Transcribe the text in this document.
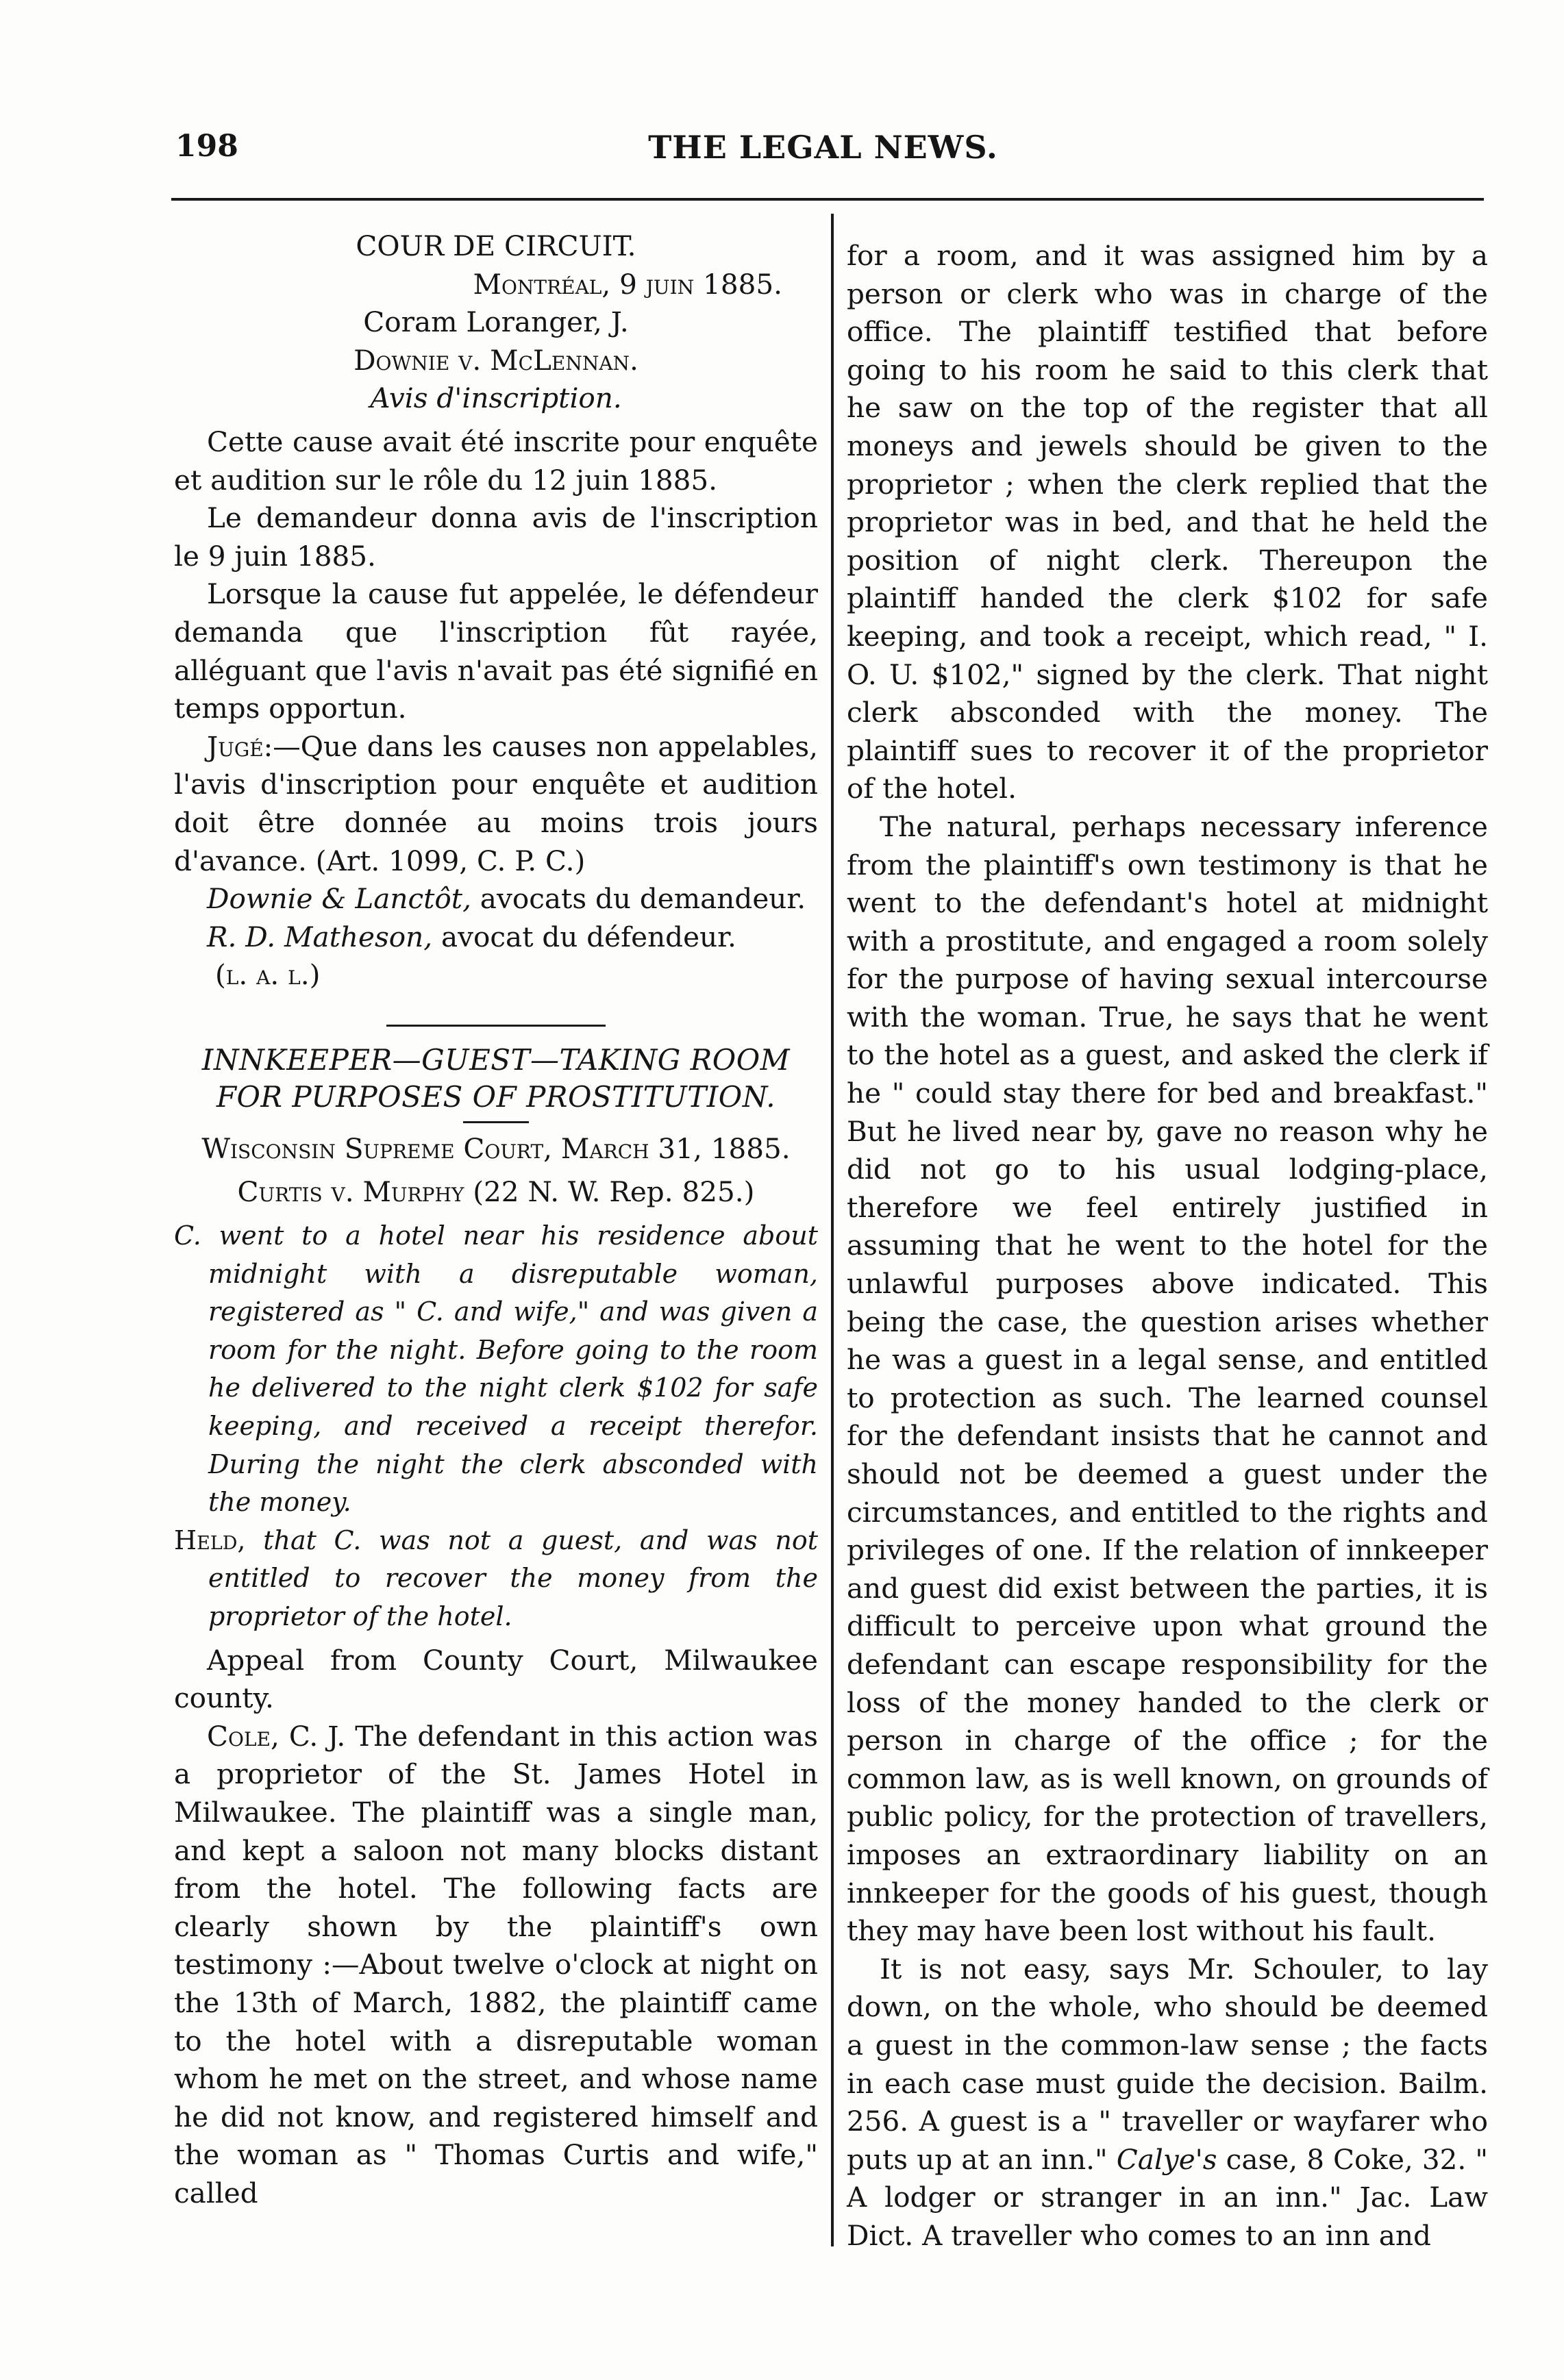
198	THE LEGAL NEWS.

COUR DE CIRCUIT.

Montréal, 9 juin 1885.

Coram Loranger, J.

Downie v. McLennan.

Avis d'inscription.

Cette cause avait été inscrite pour enquête et audition sur le rôle du 12 juin 1885.

Le demandeur donna avis de l'inscription le 9 juin 1885.

Lorsque la cause fut appelée, le défendeur demanda que l'inscription fût rayée, alléguant que l'avis n'avait pas été signifié en temps opportun.

Jugé:—Que dans les causes non appelables, l'avis d'inscription pour enquête et audition doit être donnée au moins trois jours d'avance. (Art. 1099, C. P. C.)

Downie & Lanctôt, avocats du demandeur.

R. D. Matheson, avocat du défendeur.

(l. a. l.)

INNKEEPER—GUEST—TAKING ROOM
FOR PURPOSES OF PROSTITUTION.

Wisconsin Supreme Court, March 31, 1885.

Curtis v. Murphy (22 N. W. Rep. 825.)

C. went to a hotel near his residence about midnight with a disreputable woman, registered as " C. and wife," and was given a room for the night. Before going to the room he delivered to the night clerk $102 for safe keeping, and received a receipt therefor. During the night the clerk absconded with the money.

Held, that C. was not a guest, and was not entitled to recover the money from the proprietor of the hotel.

Appeal from County Court, Milwaukee county.

Cole, C. J. The defendant in this action was a proprietor of the St. James Hotel in Milwaukee. The plaintiff was a single man, and kept a saloon not many blocks distant from the hotel. The following facts are clearly shown by the plaintiff's own testimony :—About twelve o'clock at night on the 13th of March, 1882, the plaintiff came to the hotel with a disreputable woman whom he met on the street, and whose name he did not know, and registered himself and the woman as " Thomas Curtis and wife," called

for a room, and it was assigned him by a person or clerk who was in charge of the office. The plaintiff testified that before going to his room he said to this clerk that he saw on the top of the register that all moneys and jewels should be given to the proprietor ; when the clerk replied that the proprietor was in bed, and that he held the position of night clerk. Thereupon the plaintiff handed the clerk $102 for safe keeping, and took a receipt, which read, " I. O. U. $102," signed by the clerk. That night clerk absconded with the money. The plaintiff sues to recover it of the proprietor of the hotel.

The natural, perhaps necessary inference from the plaintiff's own testimony is that he went to the defendant's hotel at midnight with a prostitute, and engaged a room solely for the purpose of having sexual intercourse with the woman. True, he says that he went to the hotel as a guest, and asked the clerk if he " could stay there for bed and breakfast." But he lived near by, gave no reason why he did not go to his usual lodging-place, therefore we feel entirely justified in assuming that he went to the hotel for the unlawful purposes above indicated. This being the case, the question arises whether he was a guest in a legal sense, and entitled to protection as such. The learned counsel for the defendant insists that he cannot and should not be deemed a guest under the circumstances, and entitled to the rights and privileges of one. If the relation of innkeeper and guest did exist between the parties, it is difficult to perceive upon what ground the defendant can escape responsibility for the loss of the money handed to the clerk or person in charge of the office ; for the common law, as is well known, on grounds of public policy, for the protection of travellers, imposes an extraordinary liability on an innkeeper for the goods of his guest, though they may have been lost without his fault.

It is not easy, says Mr. Schouler, to lay down, on the whole, who should be deemed a guest in the common-law sense ; the facts in each case must guide the decision. Bailm. 256. A guest is a " traveller or wayfarer who puts up at an inn." Calye's case, 8 Coke, 32. " A lodger or stranger in an inn." Jac. Law Dict. A traveller who comes to an inn and
